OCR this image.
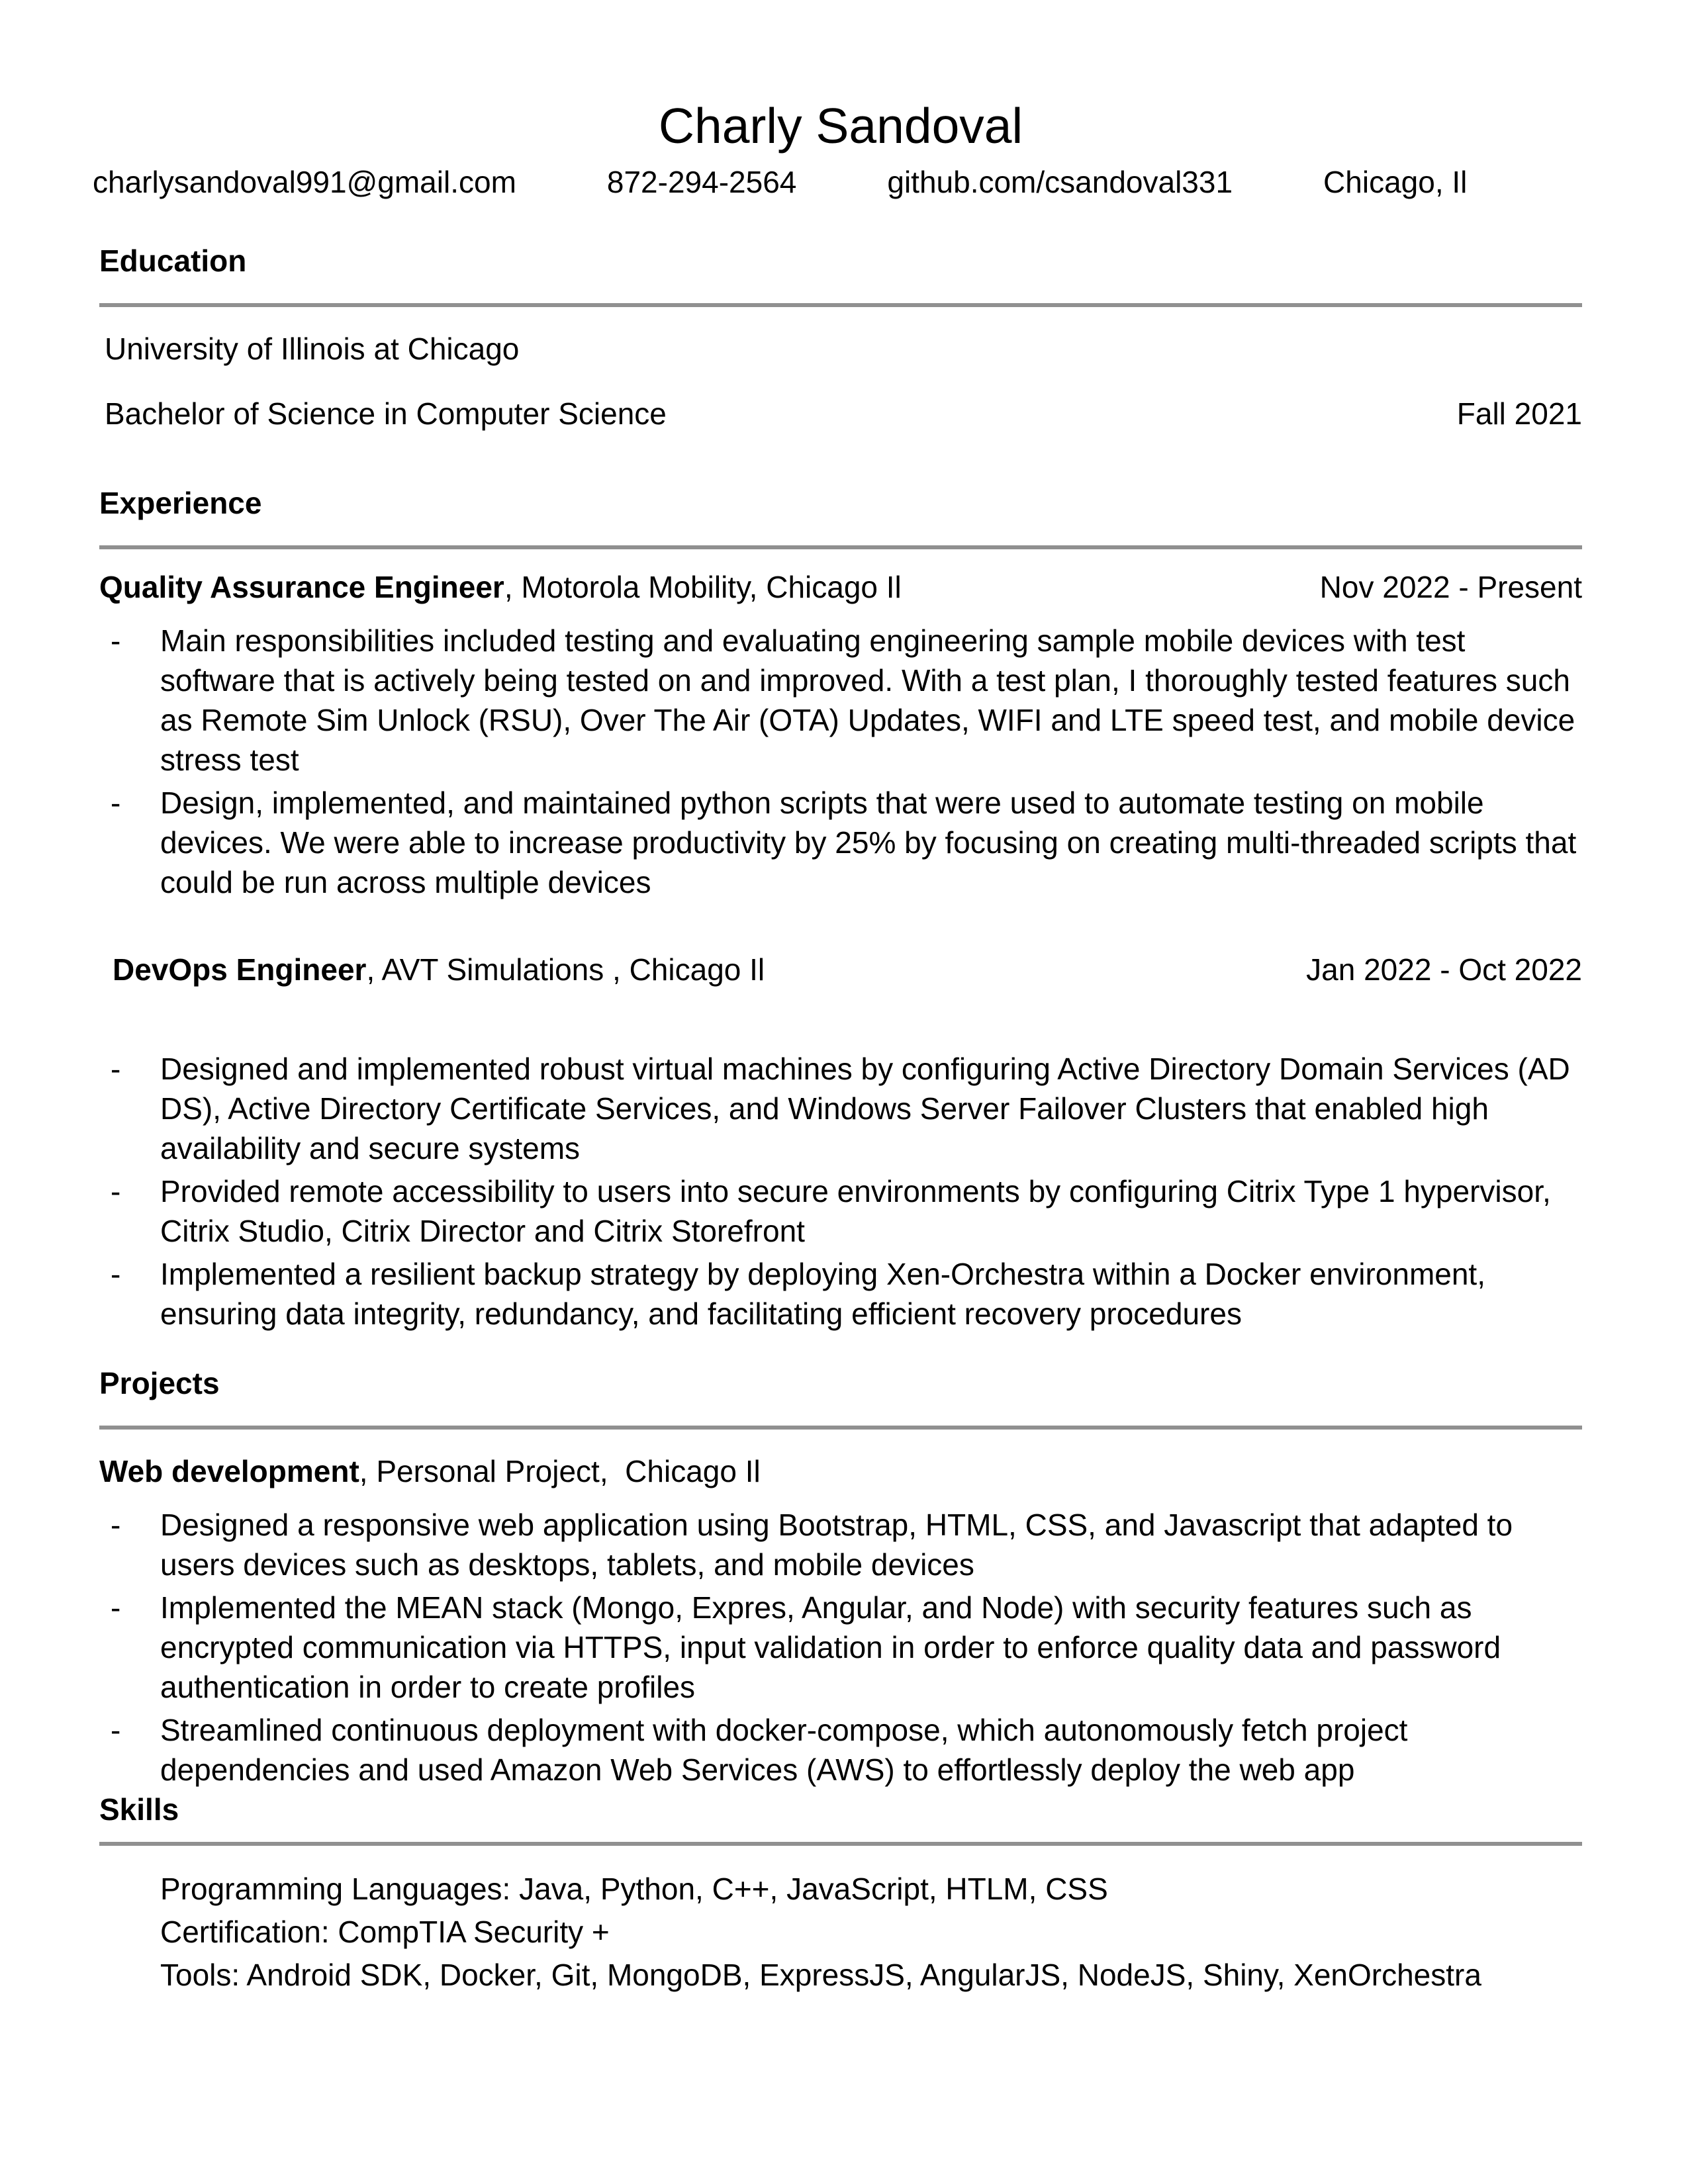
Charly Sandoval
charlysandoval991@gmail.com	872-294-2564	github.com/csandoval331	Chicago, Il
Education
University of Illinois at Chicago
Bachelor of Science in Computer Science	Fall 2021
Experience
Quality Assurance Engineer, Motorola Mobility, Chicago Il	Nov 2022 - Present
-	Main responsibilities included testing and evaluating engineering sample mobile devices with test software that is actively being tested on and improved. With a test plan, I thoroughly tested features such as Remote Sim Unlock (RSU), Over The Air (OTA) Updates, WIFI and LTE speed test, and mobile device stress test
-	Design, implemented, and maintained python scripts that were used to automate testing on mobile devices. We were able to increase productivity by 25% by focusing on creating multi-threaded scripts that could be run across multiple devices
DevOps Engineer, AVT Simulations , Chicago Il	Jan 2022 - Oct 2022
-	Designed and implemented robust virtual machines by configuring Active Directory Domain Services (AD DS), Active Directory Certificate Services, and Windows Server Failover Clusters that enabled high availability and secure systems
-	Provided remote accessibility to users into secure environments by configuring Citrix Type 1 hypervisor, Citrix Studio, Citrix Director and Citrix Storefront
-	Implemented a resilient backup strategy by deploying Xen-Orchestra within a Docker environment, ensuring data integrity, redundancy, and facilitating efficient recovery procedures
Projects
Web development, Personal Project,  Chicago Il
-	Designed a responsive web application using Bootstrap, HTML, CSS, and Javascript that adapted to users devices such as desktops, tablets, and mobile devices
-	Implemented the MEAN stack (Mongo, Expres, Angular, and Node) with security features such as encrypted communication via HTTPS, input validation in order to enforce quality data and password authentication in order to create profiles
-	Streamlined continuous deployment with docker-compose, which autonomously fetch project dependencies and used Amazon Web Services (AWS) to effortlessly deploy the web app
Skills
Programming Languages: Java, Python, C++, JavaScript, HTLM, CSS
Certification: CompTIA Security +
Tools: Android SDK, Docker, Git, MongoDB, ExpressJS, AngularJS, NodeJS, Shiny, XenOrchestra
